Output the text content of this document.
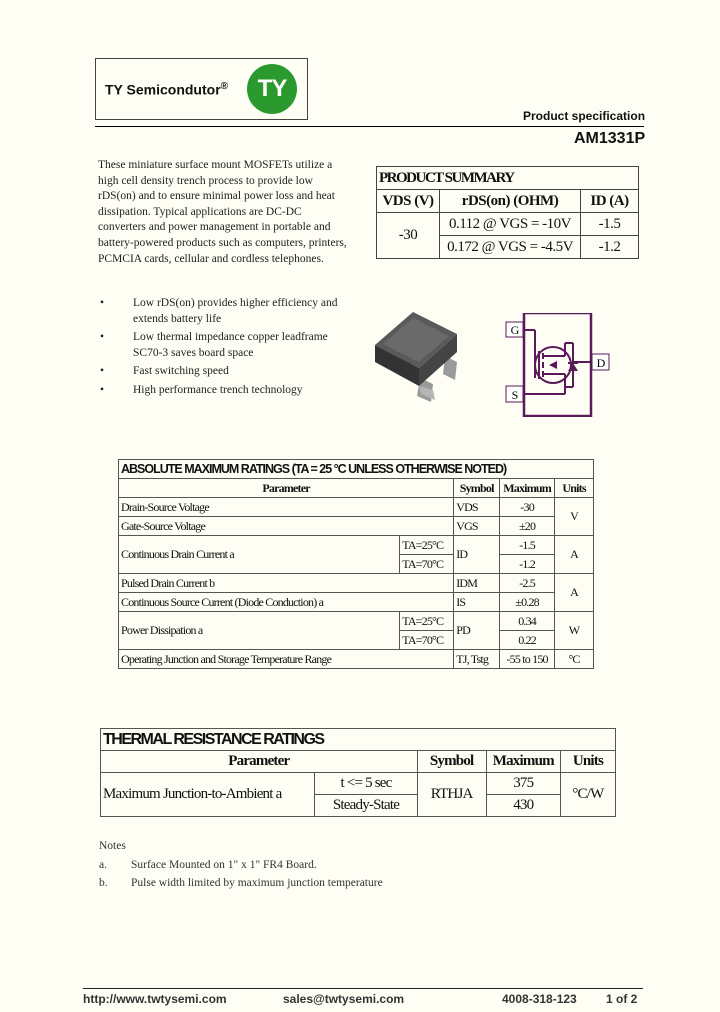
TY Semicondutor®	TY
Product specification
AM1331P
These miniature surface mount MOSFETs utilize a high cell density trench process to provide low rDS(on) and to ensure minimal power loss and heat dissipation. Typical applications are DC-DC converters and power management in portable and battery-powered products such as computers, printers, PCMCIA cards, cellular and cordless telephones.
• Low rDS(on) provides higher efficiency and extends battery life
• Low thermal impedance copper leadframe SC70-3 saves board space
• Fast switching speed
• High performance trench technology
PRODUCT SUMMARY		
VDS (V)	rDS(on) (OHM)	ID (A)
-30	0.112 @ VGS = -10V	-1.5
	0.172 @ VGS = -4.5V	-1.2
G
D
S
ABSOLUTE MAXIMUM RATINGS (TA = 25 °C UNLESS OTHERWISE NOTED)				
Parameter		Symbol	Maximum	Units
Drain-Source Voltage		VDS	-30	V
Gate-Source Voltage		VGS	±20	
Continuous Drain Current a	TA=25°C	ID	-1.5	A
	TA=70°C		-1.2	
Pulsed Drain Current b		IDM	-2.5	A
Continuous Source Current (Diode Conduction) a		IS	±0.28	
Power Dissipation a	TA=25°C	PD	0.34	W
	TA=70°C		0.22	
Operating Junction and Storage Temperature Range		TJ, Tstg	-55 to 150	°C
THERMAL RESISTANCE RATINGS				
Parameter		Symbol	Maximum	Units
Maximum Junction-to-Ambient a	t <= 5 sec	RTHJA	375	°C/W
	Steady-State		430	
Notes
a. Surface Mounted on 1" x 1" FR4 Board.
b. Pulse width limited by maximum junction temperature
http://www.twtysemi.com	sales@twtysemi.com	4008-318-123 1 of 2
